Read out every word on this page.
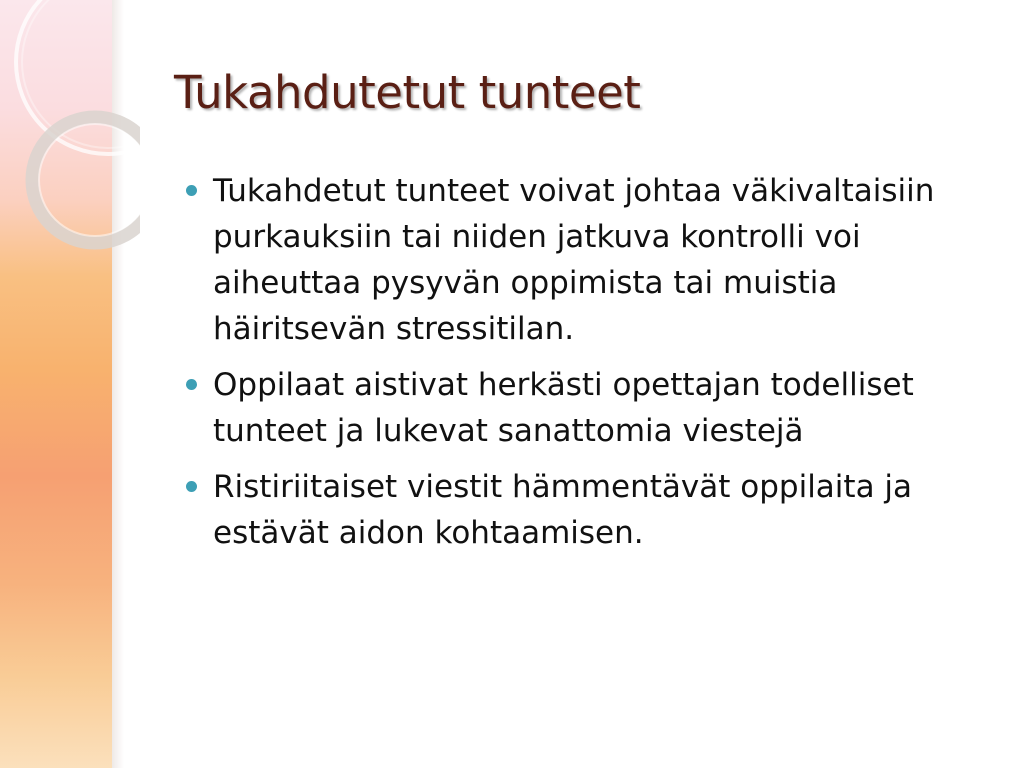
Tukahdutetut tunteet
Tukahdetut tunteet voivat johtaa väkivaltaisiin purkauksiin tai niiden jatkuva kontrolli voi aiheuttaa pysyvän oppimista tai muistia häiritsevän stressitilan.
Oppilaat aistivat herkästi opettajan todelliset tunteet ja lukevat sanattomia viestejä
Ristiriitaiset viestit hämmentävät oppilaita ja estävät aidon kohtaamisen.
